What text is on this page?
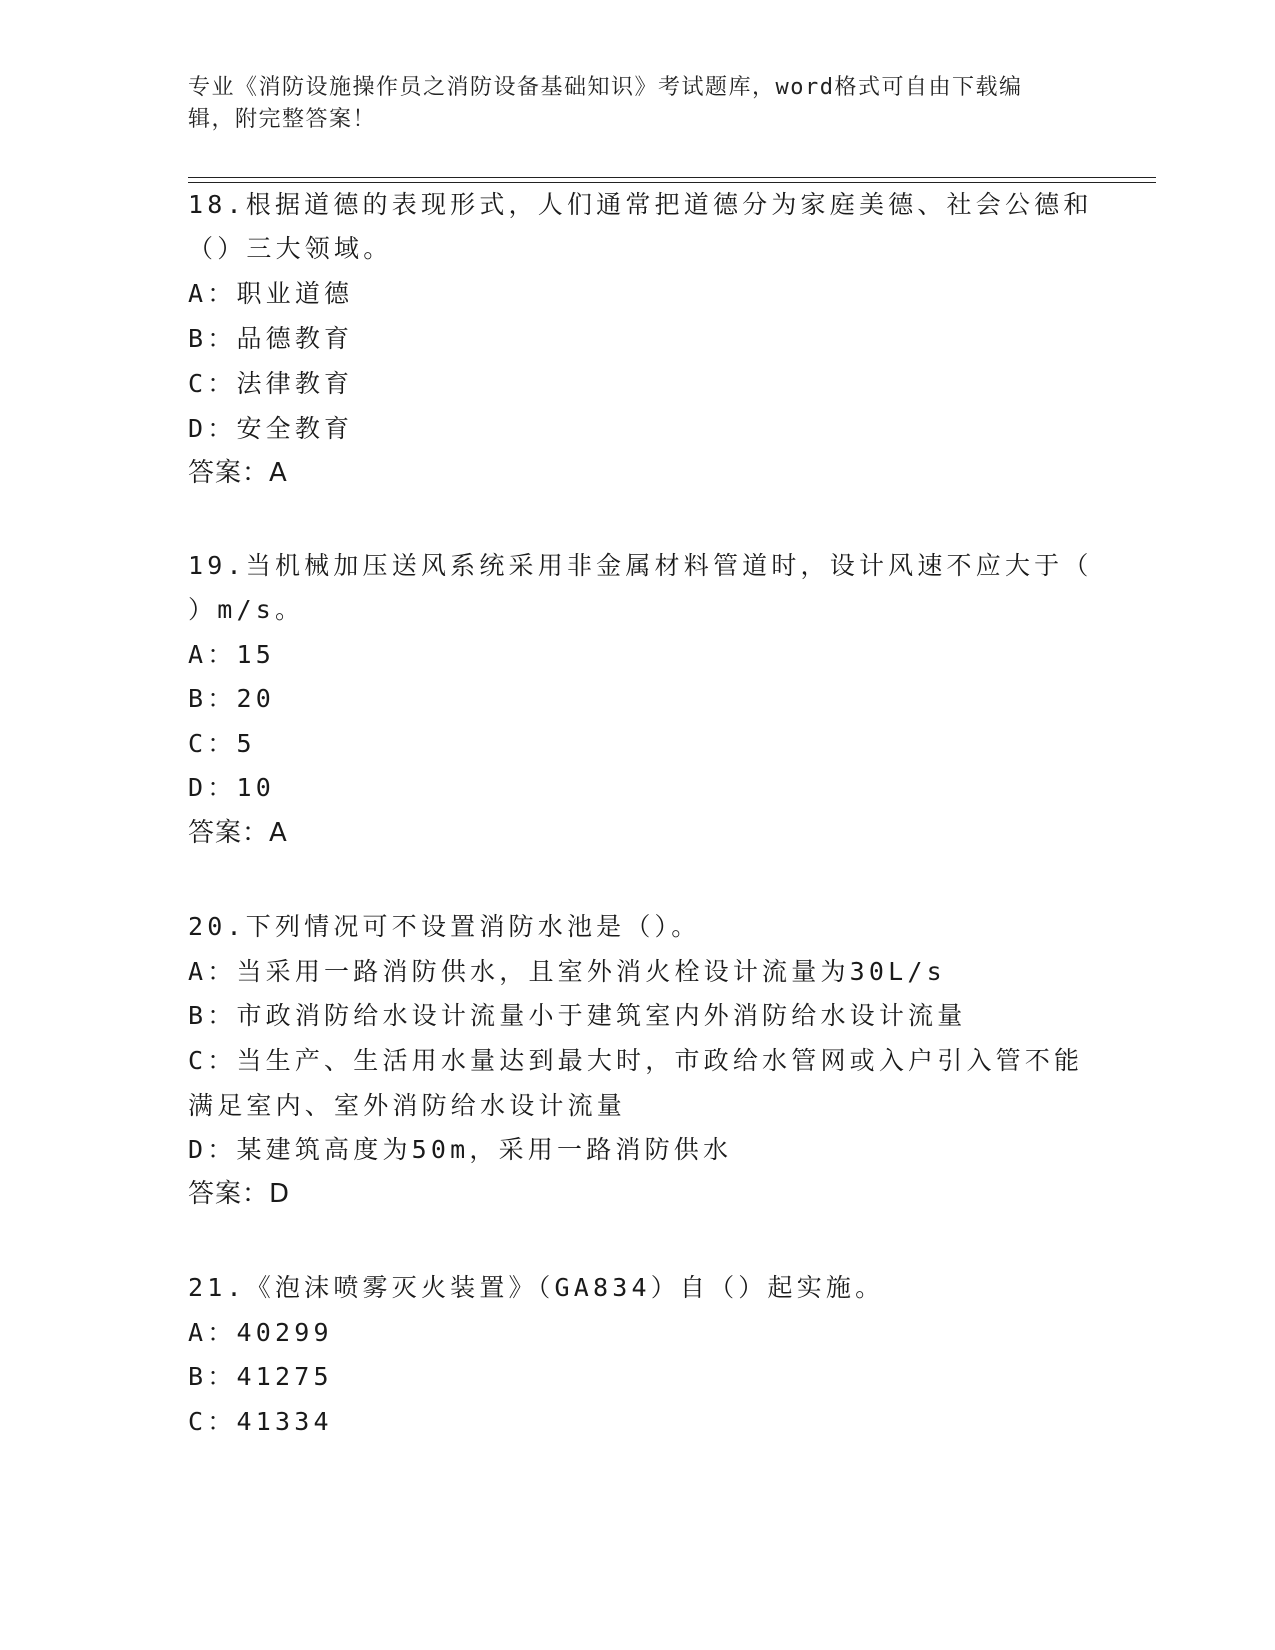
专业《消防设施操作员之消防设备基础知识》考试题库，word格式可自由下载编辑，附完整答案！
18.根据道德的表现形式，人们通常把道德分为家庭美德、社会公德和
（）三大领域。
A：职业道德
B：品德教育
C：法律教育
D：安全教育
答案：A
19.当机械加压送风系统采用非金属材料管道时，设计风速不应大于（
）m/s。
A：15
B：20
C：5
D：10
答案：A
20.下列情况可不设置消防水池是（）。
A：当采用一路消防供水，且室外消火栓设计流量为30L/s
B：市政消防给水设计流量小于建筑室内外消防给水设计流量
C：当生产、生活用水量达到最大时，市政给水管网或入户引入管不能
满足室内、室外消防给水设计流量
D：某建筑高度为50m，采用一路消防供水
答案：D
21.《泡沫喷雾灭火装置》（GA834）自（）起实施。
A：40299
B：41275
C：41334
